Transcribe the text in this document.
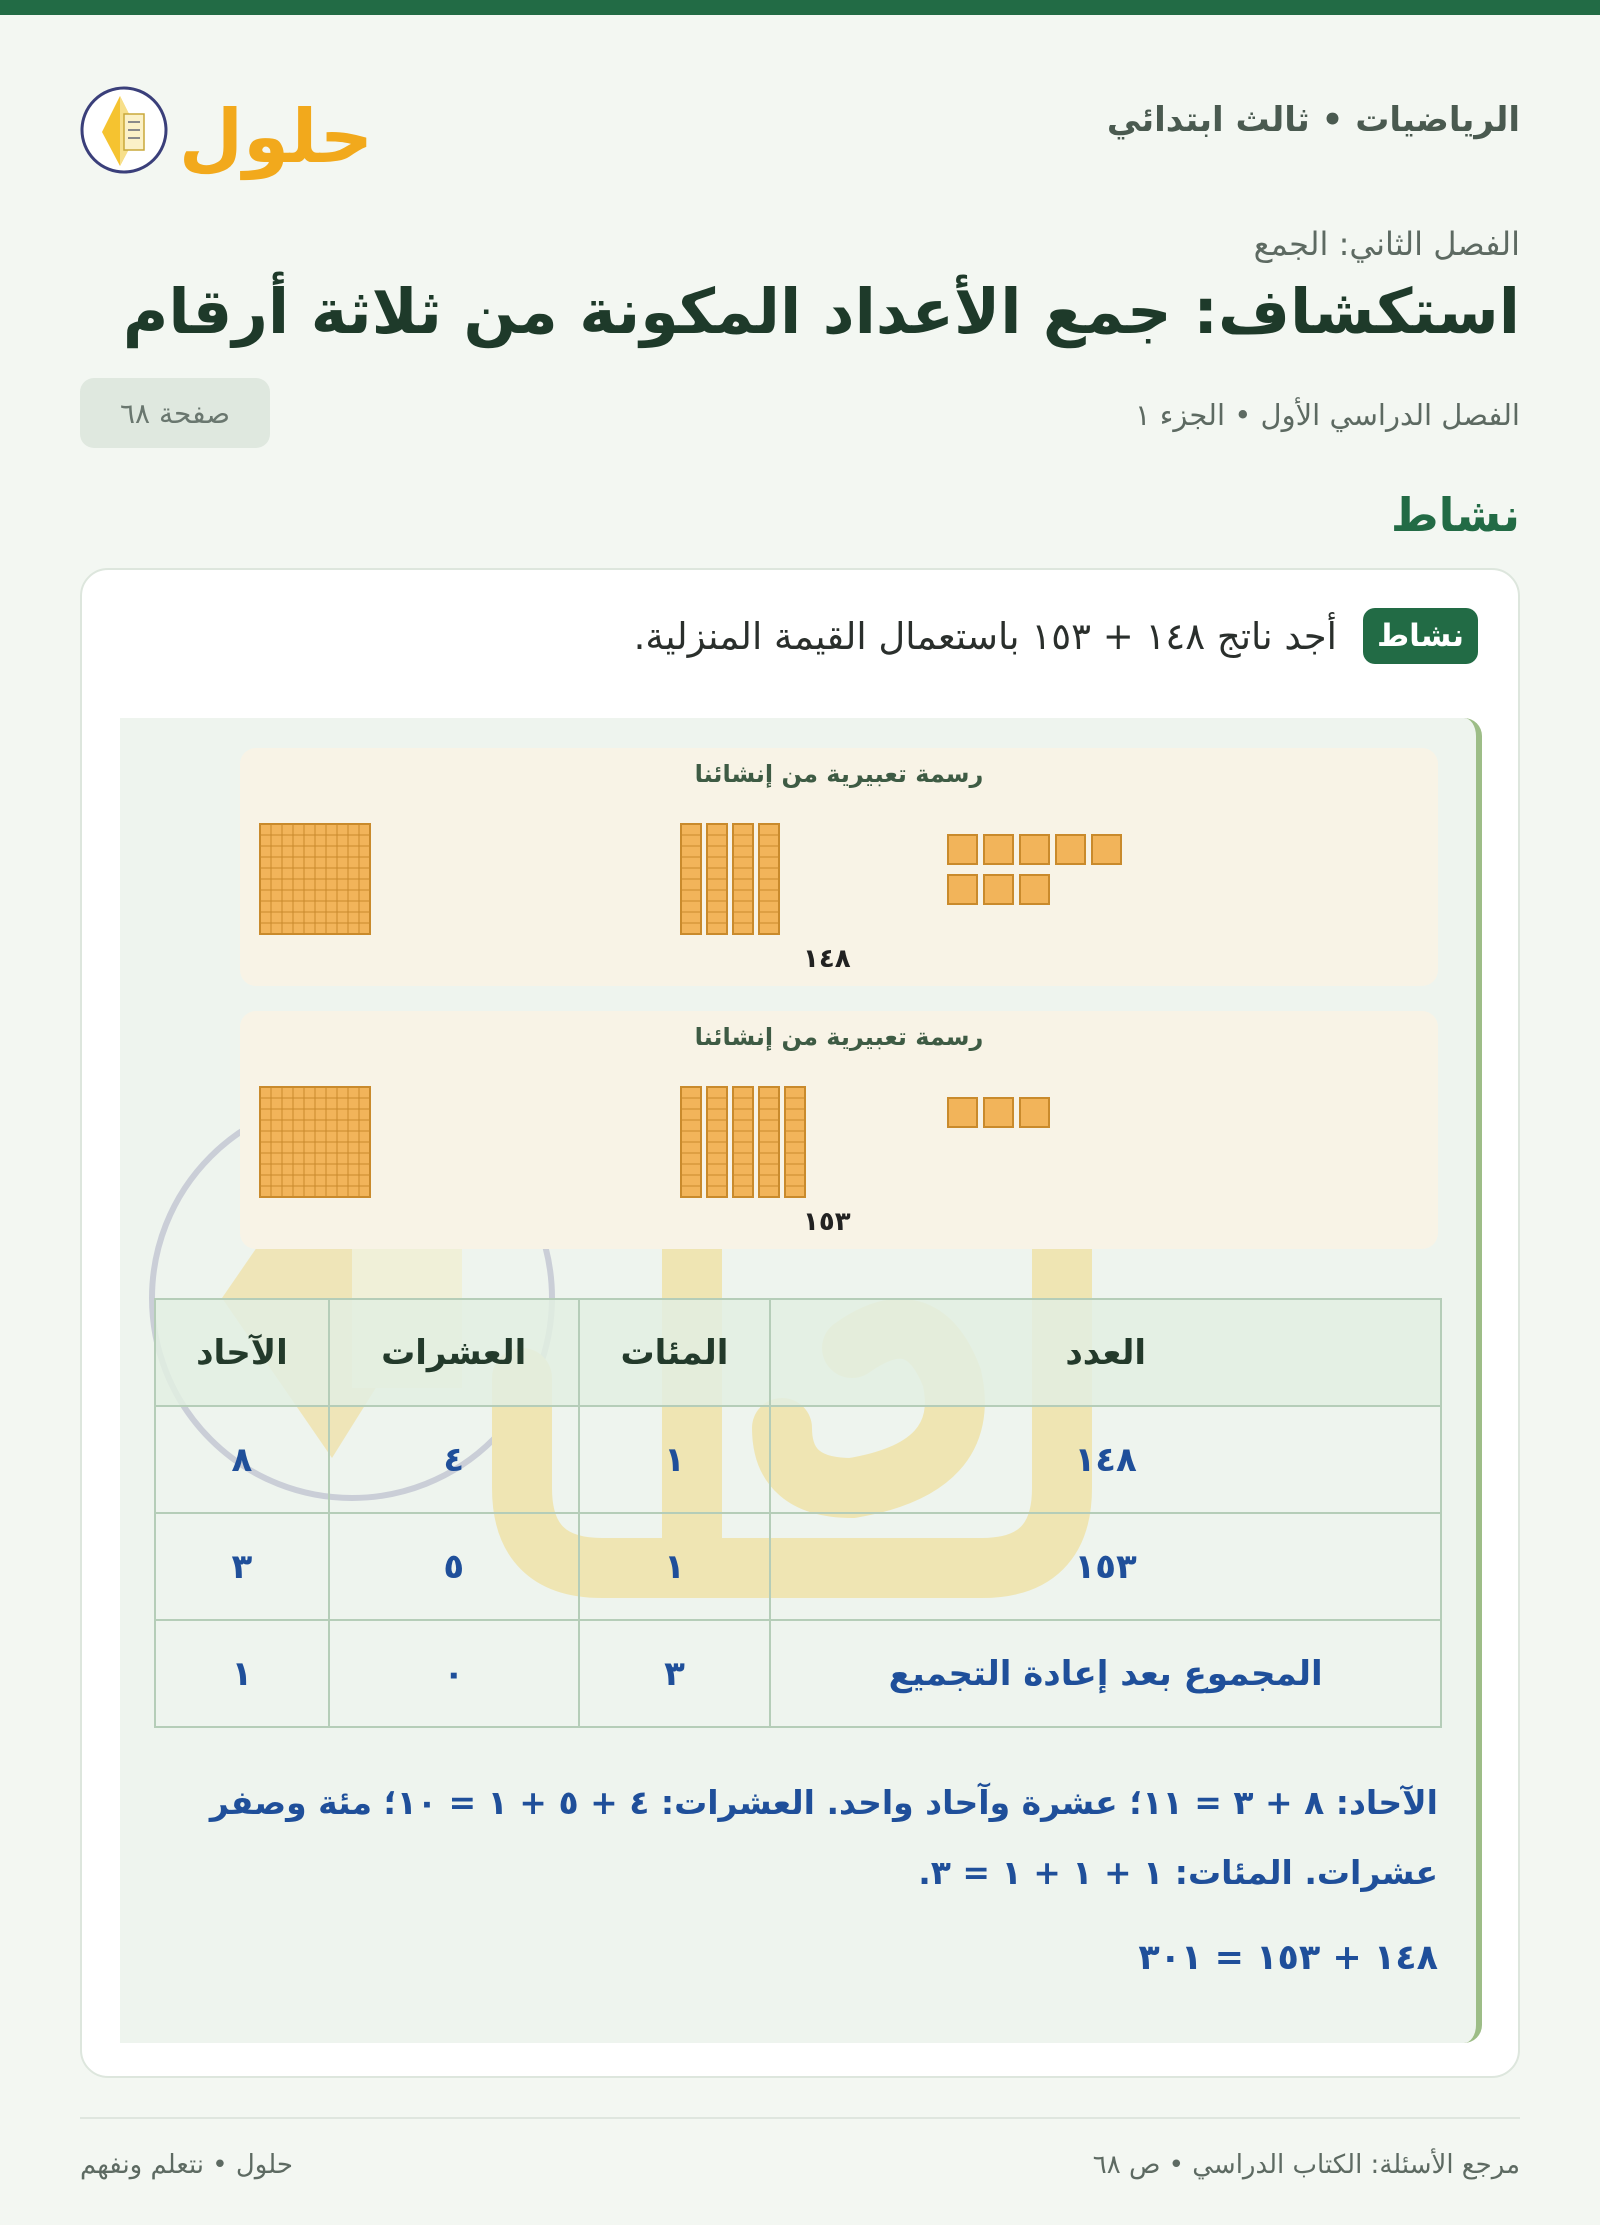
الرياضيات • ثالث ابتدائي
حلول
الفصل الثاني: الجمع
استكشاف: جمع الأعداد المكونة من ثلاثة أرقام
الفصل الدراسي الأول • الجزء ١
صفحة ٦٨
نشاط
نشاط
أجد ناتج ١٤٨ + ١٥٣ باستعمال القيمة المنزلية.
رسمة تعبيرية من إنشائنا
١٤٨
رسمة تعبيرية من إنشائنا
١٥٣
العدد	المئات	العشرات	الآحاد
١٤٨	١	٤	٨
١٥٣	١	٥	٣
المجموع بعد إعادة التجميع	٣	٠	١
الآحاد: ٨ + ٣ = ١١؛ عشرة وآحاد واحد. العشرات: ٤ + ٥ + ١ = ١٠؛ مئة وصفر عشرات. المئات: ١ + ١ + ١ = ٣.
١٤٨ + ١٥٣ = ٣٠١
مرجع الأسئلة: الكتاب الدراسي • ص ٦٨
حلول • نتعلم ونفهم
